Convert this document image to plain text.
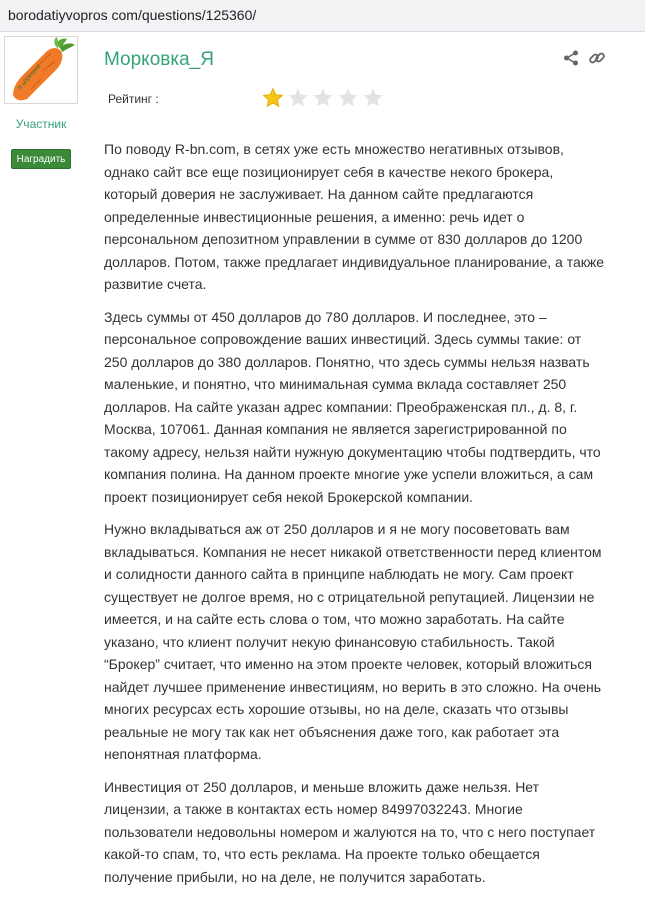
borodatiyvopros com/questions/125360/
Я морковка
Участник
Наградить
Морковка_Я
Рейтинг :

По поводу R-bn.com, в сетях уже есть множество негативных отзывов, однако сайт все еще позиционирует себя в качестве некого брокера, который доверия не заслуживает. На данном сайте предлагаются определенные инвестиционные решения, а именно: речь идет о персональном депозитном управлении в сумме от 830 долларов до 1200 долларов. Потом, также предлагает индивидуальное планирование, а также развитие счета.

Здесь суммы от 450 долларов до 780 долларов. И последнее, это – персональное сопровождение ваших инвестиций. Здесь суммы такие: от 250 долларов до 380 долларов. Понятно, что здесь суммы нельзя назвать маленькие, и понятно, что минимальная сумма вклада составляет 250 долларов. На сайте указан адрес компании: Преображенская пл., д. 8, г. Москва, 107061. Данная компания не является зарегистрированной по такому адресу, нельзя найти нужную документацию чтобы подтвердить, что компания полина. На данном проекте многие уже успели вложиться, а сам проект позиционирует себя некой Брокерской компании.

Нужно вкладываться аж от 250 долларов и я не могу посоветовать вам вкладываться. Компания не несет никакой ответственности перед клиентом и солидности данного сайта в принципе наблюдать не могу. Сам проект существует не долгое время, но с отрицательной репутацией. Лицензии не имеется, и на сайте есть слова о том, что можно заработать. На сайте указано, что клиент получит некую финансовую стабильность. Такой “Брокер” считает, что именно на этом проекте человек, который вложиться найдет лучшее применение инвестициям, но верить в это сложно. На очень многих ресурсах есть хорошие отзывы, но на деле, сказать что отзывы реальные не могу так как нет объяснения даже того, как работает эта непонятная платформа.

Инвестиция от 250 долларов, и меньше вложить даже нельзя. Нет лицензии, а также в контактах есть номер 84997032243. Многие пользователи недовольны номером и жалуются на то, что с него поступает какой-то спам, то, что есть реклама. На проекте только обещается получение прибыли, но на деле, не получится заработать.
